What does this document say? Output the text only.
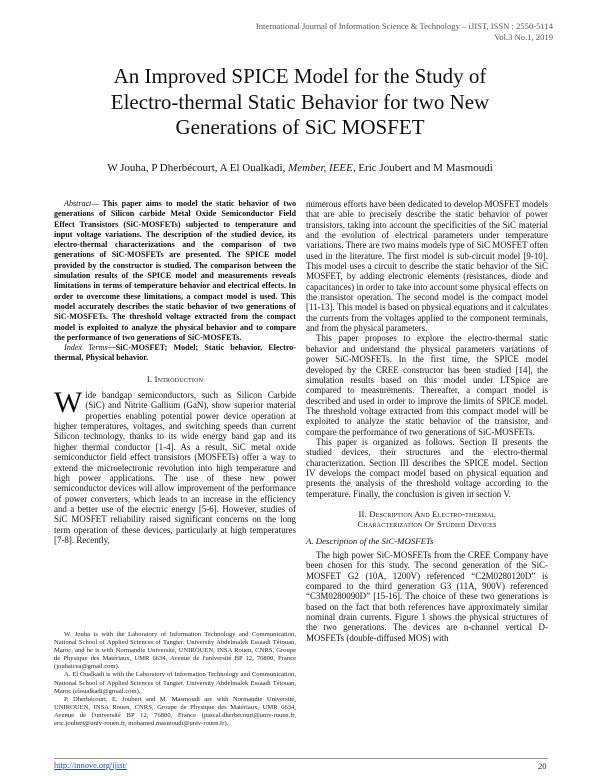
International Journal of Information Science & Technology – iJIST, ISSN : 2550-5114
Vol.3 No.1, 2019
An Improved SPICE Model for the Study of
Electro-thermal Static Behavior for two New
Generations of SiC MOSFET
W Jouha, P Dherbécourt, A El Oualkadi, Member, IEEE, Eric Joubert and M Masmoudi

Abstract— This paper aims to model the static behavior of two generations of Silicon carbide Metal Oxide Semiconductor Field Effect Transistors (SiC-MOSFETs) subjected to temperature and input voltage variations. The description of the studied device, its electro-thermal characterizations and the comparison of two generations of SiC-MOSFETs are presented. The SPICE model provided by the constructor is studied. The comparison between the simulation results of the SPICE model and measurements reveals limitations in terms of temperature behavior and electrical effects. In order to overcome these limitations, a compact model is used. This model accurately describes the static behavior of two generations of SiC-MOSFETs. The threshold voltage extracted from the compact model is exploited to analyze the physical behavior and to compare the performance of two generations of SiC-MOSFETs.

Index Terms—SiC-MOSFET; Model; Static behavior, Electro-thermal, Physical behavior.

I. Introduction

Wide bandgap semiconductors, such as Silicon Carbide (SiC) and Nitrite Gallium (GaN), show superior material properties enabling potential power device operation at higher temperatures, voltages, and switching speeds than current Silicon technology, thanks to its wide energy band gap and its higher thermal conductor [1-4]. As a result, SiC metal oxide semiconductor field effect transistors (MOSFETs) offer a way to extend the microelectronic revolution into high temperature and high power applications. The use of these new power semiconductor devices will allow improvement of the performance of power converters, which leads to an increase in the efficiency and a better use of the electric energy [5-6]. However, studies of SiC MOSFET reliability raised significant concerns on the long term operation of these devices, particularly at high temperatures [7-8]. Recently,

W. Jouha is with the Laboratory of Information Technology and Communication, National School of Applied Sciences of Tangier. University Abdelmalek Essaadi Tétouan, Maroc, and he is with Normandie Université, UNIROUEN, INSA Rouen, CNRS, Groupe de Physique des Matériaux, UMR 6634, Avenue de l'université BP 12, 76800, France (jouhaicea@gmail.com).

A. El Oualkadi is with the Laboratory of Information Technology and Communication, National School of Applied Sciences of Tangier. University Abdelmalek Essaadi Tétouan, Maroc (eloualkadi@gmail.com).

P. Dherbécourt, E. Joubert and M. Masmoudi are with Normandie Université, UNIROUEN, INSA Rouen, CNRS, Groupe de Physique des Matériaux, UMR 6634, Avenue de l'université BP 12, 76800, France (pascal.dherbecourt@univ-rouen.fr, eric.joubert@univ-rouen.fr, mohamed.masmoudi@univ-rouen.fr).

numerous efforts have been dedicated to develop MOSFET models that are able to precisely describe the static behavior of power transistors, taking into account the specificities of the SiC material and the evolution of electrical parameters under temperature variations. There are two mains models type of SiC MOSFET often used in the literature. The first model is sub-circuit model [9-10]. This model uses a circuit to describe the static behavior of the SiC MOSFET, by adding electronic elements (resistances, diode and capacitances) in order to take into account some physical effects on the transistor operation. The second model is the compact model [11-13]. This model is based on physical equations and it calculates the currents from the voltages applied to the component terminals, and from the physical parameters.

This paper proposes to explore the electro-thermal static behavior and understand the physical parameters variations of power SiC-MOSFETs. In the first time, the SPICE model developed by the CREE constructor has been studied [14], the simulation results based on this model under LTSpice are compared to measurements. Thereafter, a compact model is described and used in order to improve the limits of SPICE model. The threshold voltage extracted from this compact model will be exploited to analyze the static behavior of the transistor, and compare the performance of two generations of SiC-MOSFETs.

This paper is organized as follows. Section II presents the studied devices, their structures and the electro-thermal characterization. Section III describes the SPICE model. Section IV develops the compact model based on physical equation and presents the analysis of the threshold voltage according to the temperature. Finally, the conclusion is given in section V.

II. Description And Electro-thermal
Characterization Of Studied Devices
A. Description of the SiC-MOSFETs

The high power SiC-MOSFETs from the CREE Company have been chosen for this study. The second generation of the SiC-MOSFET G2 (10A, 1200V) referenced “C2M0280120D” is compared to the third generation G3 (11A, 900V) referenced “C3M0280090D” [15-16]. The choice of these two generations is based on the fact that both references have approximately similar nominal drain currents. Figure 1 shows the physical structures of the two generations. The devices are n-channel vertical D-MOSFETs (double-diffused MOS) with

http://innove.org/ijist/	20
